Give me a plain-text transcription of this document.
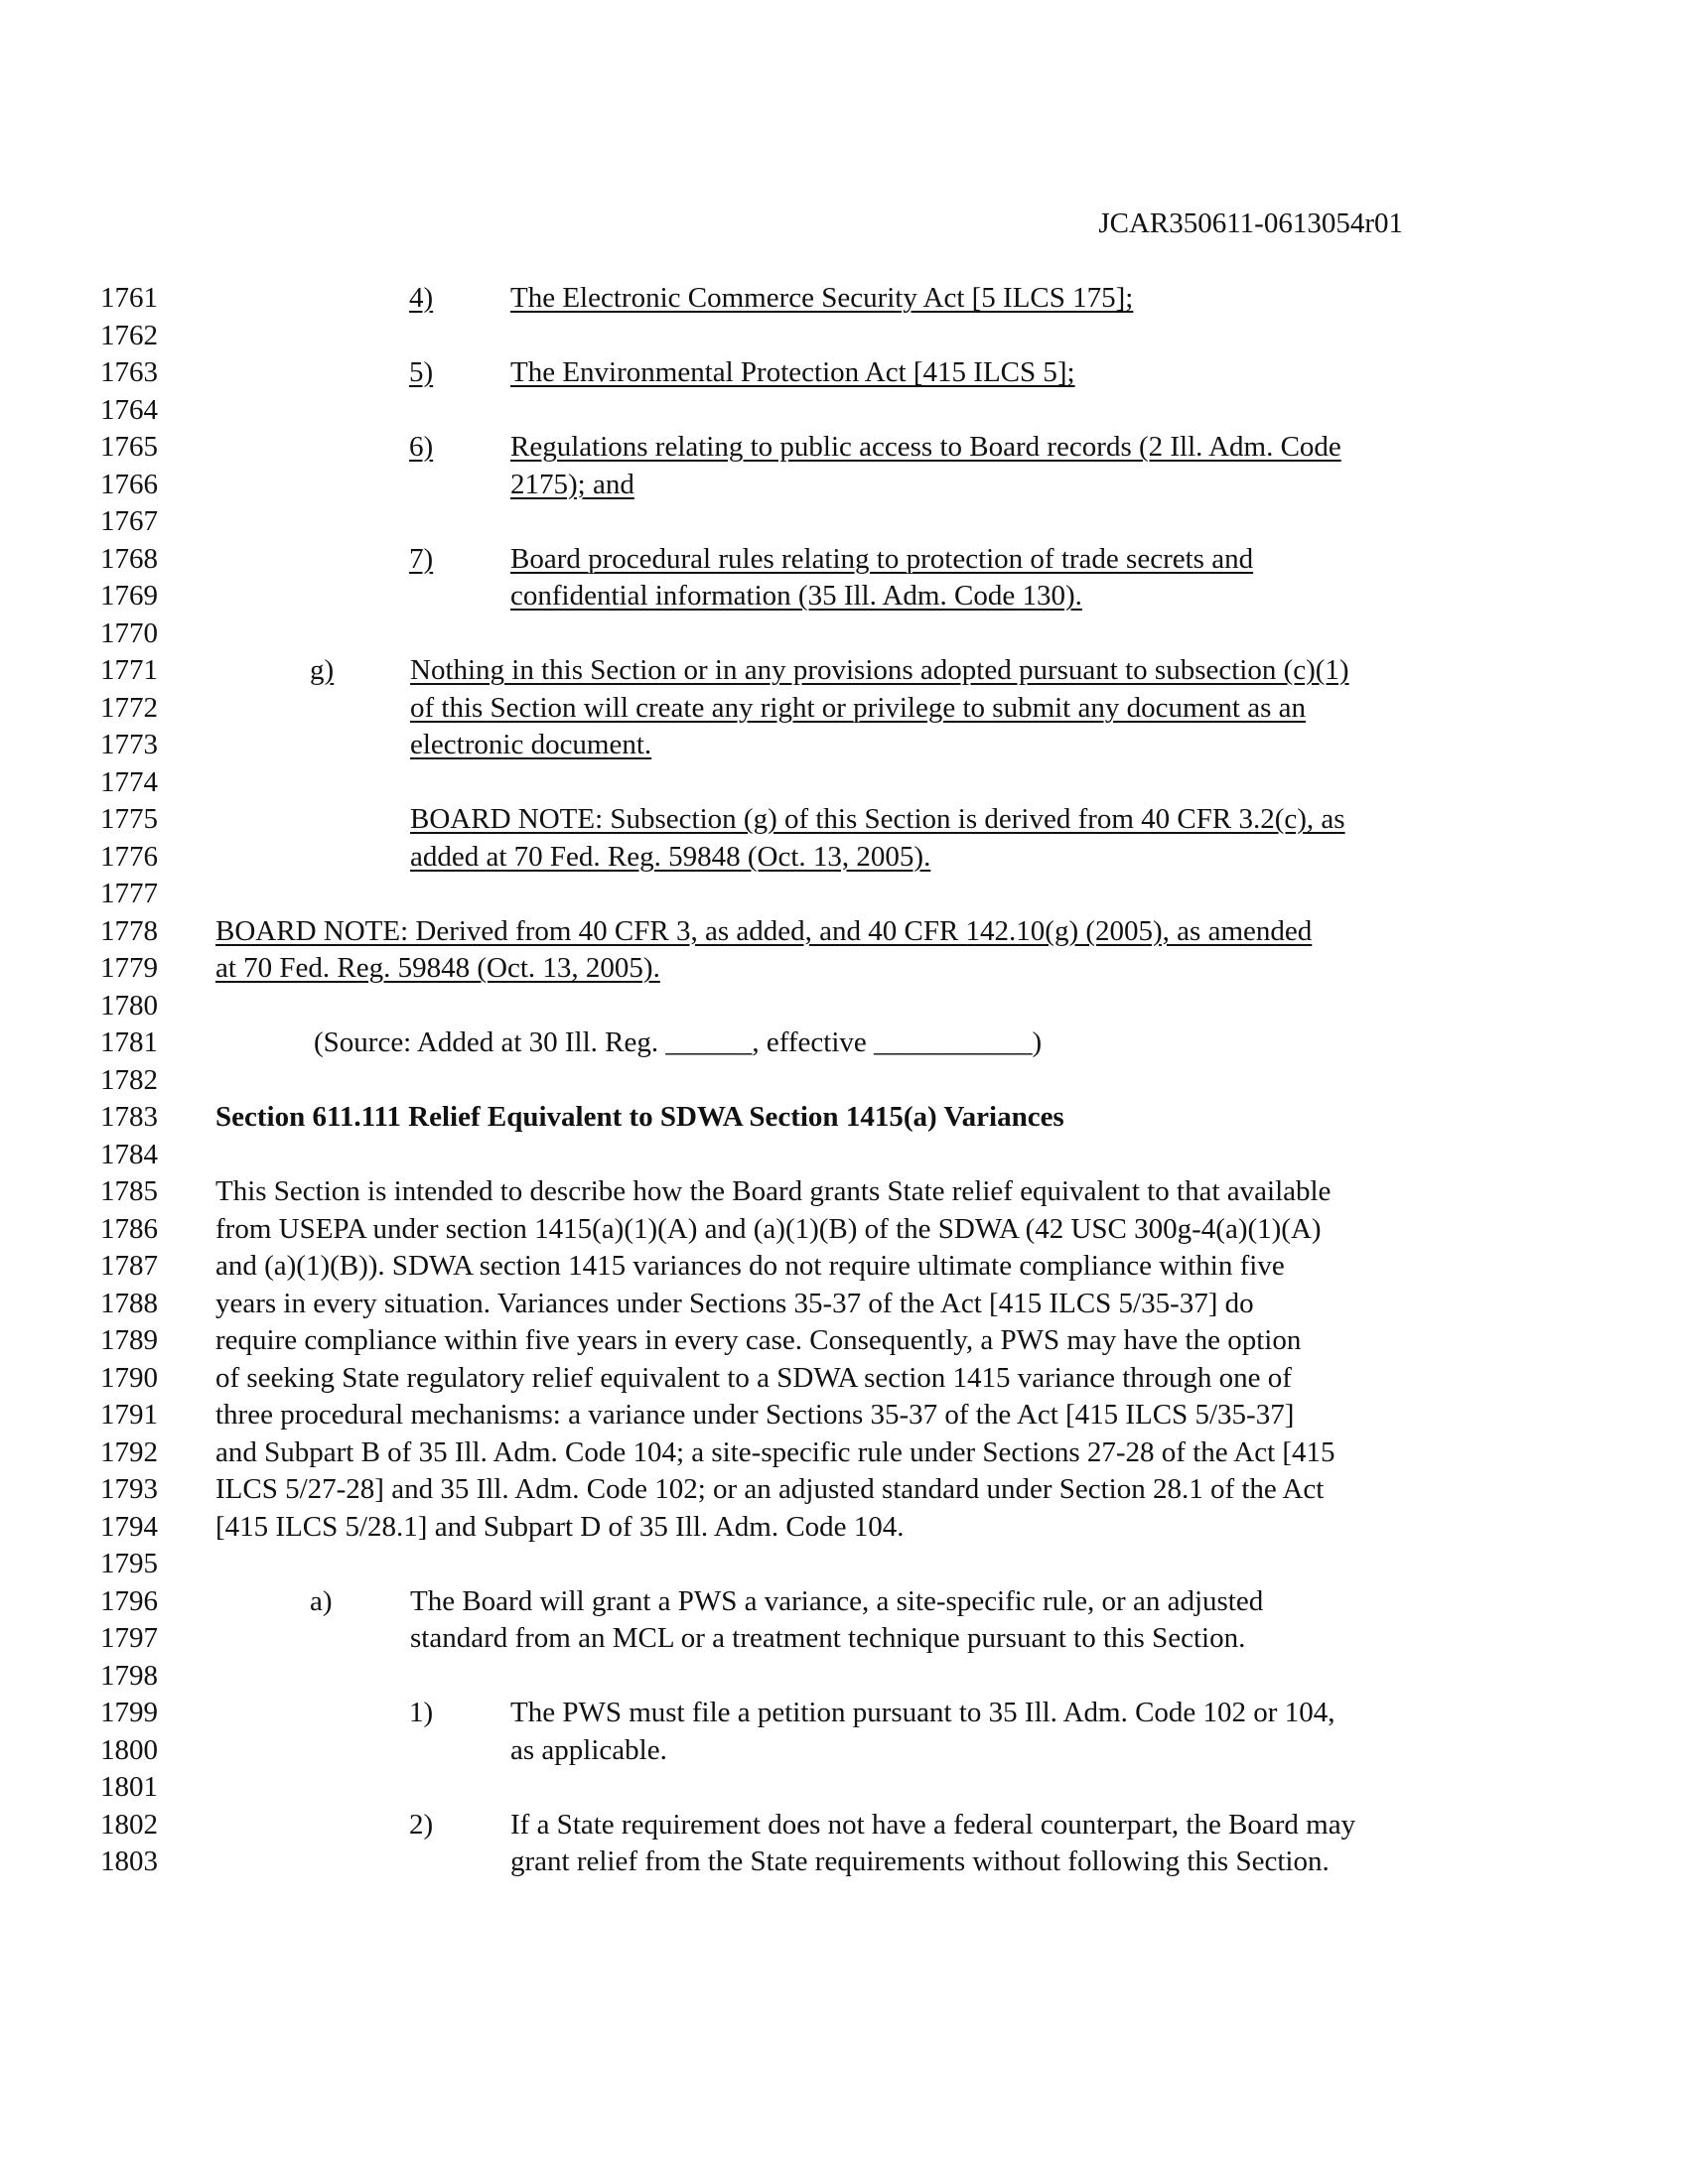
JCAR350611-0613054r01
1761	4)	The Electronic Commerce Security Act [5 ILCS 175];
1762
1763	5)	The Environmental Protection Act [415 ILCS 5];
1764
1765	6)	Regulations relating to public access to Board records (2 Ill. Adm. Code
1766	2175); and
1767
1768	7)	Board procedural rules relating to protection of trade secrets and
1769	confidential information (35 Ill. Adm. Code 130).
1770
1771	g)	Nothing in this Section or in any provisions adopted pursuant to subsection (c)(1)
1772	of this Section will create any right or privilege to submit any document as an
1773	electronic document.
1774
1775	BOARD NOTE: Subsection (g) of this Section is derived from 40 CFR 3.2(c), as
1776	added at 70 Fed. Reg. 59848 (Oct. 13, 2005).
1777
1778	BOARD NOTE: Derived from 40 CFR 3, as added, and 40 CFR 142.10(g) (2005), as amended
1779	at 70 Fed. Reg. 59848 (Oct. 13, 2005).
1780
1781	(Source: Added at 30 Ill. Reg. ______, effective ___________)
1782
1783	Section 611.111 Relief Equivalent to SDWA Section 1415(a) Variances
1784
1785	This Section is intended to describe how the Board grants State relief equivalent to that available
1786	from USEPA under section 1415(a)(1)(A) and (a)(1)(B) of the SDWA (42 USC 300g-4(a)(1)(A)
1787	and (a)(1)(B)). SDWA section 1415 variances do not require ultimate compliance within five
1788	years in every situation. Variances under Sections 35-37 of the Act [415 ILCS 5/35-37] do
1789	require compliance within five years in every case. Consequently, a PWS may have the option
1790	of seeking State regulatory relief equivalent to a SDWA section 1415 variance through one of
1791	three procedural mechanisms: a variance under Sections 35-37 of the Act [415 ILCS 5/35-37]
1792	and Subpart B of 35 Ill. Adm. Code 104; a site-specific rule under Sections 27-28 of the Act [415
1793	ILCS 5/27-28] and 35 Ill. Adm. Code 102; or an adjusted standard under Section 28.1 of the Act
1794	[415 ILCS 5/28.1] and Subpart D of 35 Ill. Adm. Code 104.
1795
1796	a)	The Board will grant a PWS a variance, a site-specific rule, or an adjusted
1797	standard from an MCL or a treatment technique pursuant to this Section.
1798
1799	1)	The PWS must file a petition pursuant to 35 Ill. Adm. Code 102 or 104,
1800	as applicable.
1801
1802	2)	If a State requirement does not have a federal counterpart, the Board may
1803	grant relief from the State requirements without following this Section.
